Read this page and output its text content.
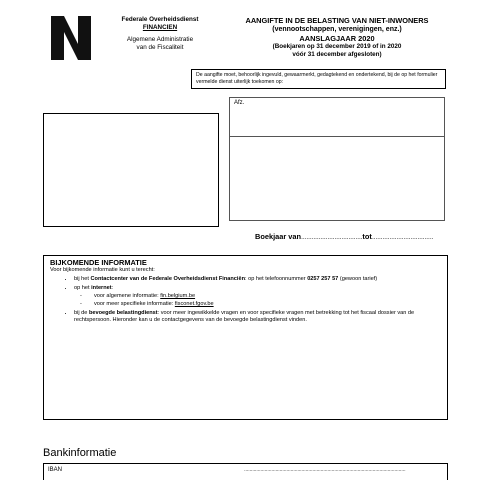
Federale Overheidsdienst
FINANCIEN
Algemene Administratie
van de Fiscaliteit
AANGIFTE IN DE BELASTING VAN NIET-INWONERS
(vennootschappen, verenigingen, enz.)
AANSLAGJAAR 2020
(Boekjaren op 31 december 2019 of in 2020
vóór 31 december afgesloten)
De aangifte moet, behoorlijk ingevuld, gewaarmerkt, gedagtekend en ondertekend, bij de op het formulier vermelde dienst uiterlijk toekomen op:
Afz.
Boekjaar van...................................tot...................................
BIJKOMENDE INFORMATIE
Voor bijkomende informatie kunt u terecht:
• bij het Contactcenter van de Federale Overheidsdienst Financiën: op het telefoonnummer 0257 257 57 (gewoon tarief)
• op het internet:
- voor algemene informatie: fin.belgium.be
- voor meer specifieke informatie: fisconet.fgov.be
• bij de bevoegde belastingdienst: voor meer ingewikkelde vragen en voor specifieke vragen met betrekking tot het fiscaal dossier van de rechtspersoon. Hieronder kan u de contactgegevens van de bevoegde belastingdienst vinden.
Bankinformatie
IBAN	......................................................................................................................
